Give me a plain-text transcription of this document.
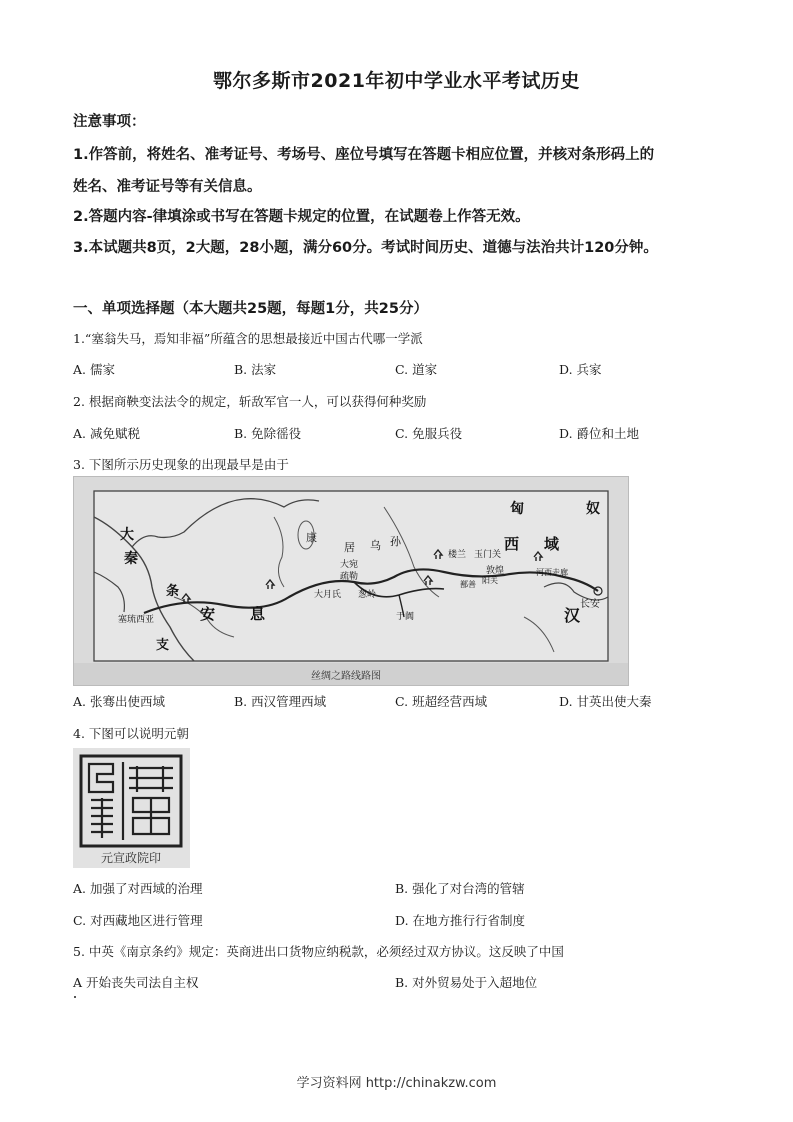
鄂尔多斯市2021年初中学业水平考试历史
注意事项：
1.作答前，将姓名、准考证号、考场号、座位号填写在答题卡相应位置，并核对条形码上的
姓名、准考证号等有关信息。
2.答题内容-律填涂或书写在答题卡规定的位置，在试题卷上作答无效。
3.本试题共8页，2大题，28小题，满分60分。考试时间历史、道德与法治共计120分钟。
一、单项选择题（本大题共25题，每题1分，共25分）
1.“塞翁失马，焉知非福”所蕴含的思想最接近中国古代哪一学派
A. 儒家	B. 法家	C. 道家	D. 兵家
2. 根据商鞅变法法令的规定，斩敌军官一人，可以获得何种奖励
A. 减免赋税	B. 免除徭役	C. 免服兵役	D. 爵位和土地
3. 下图所示历史现象的出现最早是由于
大
秦
条
支
安 息
塞琉西亚
康
居
大宛
乌 孙
疏勒
大月氏 葱岭
于阗
楼兰 玉门关
敦煌
阳关
鄯善
河西走廊
长安
匈	奴
西 域
汉
丝绸之路线路图
A. 张骞出使西域	B. 西汉管理西域	C. 班超经营西域	D. 甘英出使大秦
4. 下图可以说明元朝
元宣政院印
A. 加强了对西域的治理	B. 强化了对台湾的管辖
C. 对西藏地区进行管理	D. 在地方推行行省制度
5. 中英《南京条约》规定：英商进出口货物应纳税款，必须经过双方协议。这反映了中国
A 开始丧失司法自主权	B. 对外贸易处于入超地位
学习资料网 http://chinakzw.com
